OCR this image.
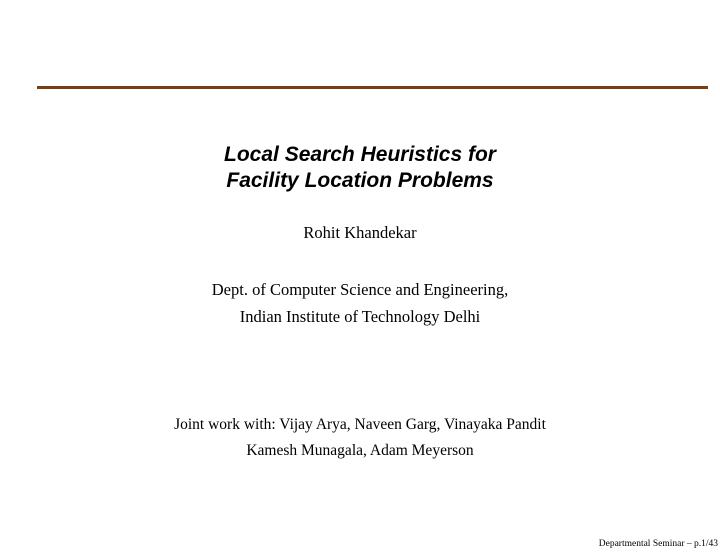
Local Search Heuristics for
Facility Location Problems
Rohit Khandekar
Dept. of Computer Science and Engineering,
Indian Institute of Technology Delhi
Joint work with: Vijay Arya, Naveen Garg, Vinayaka Pandit
Kamesh Munagala, Adam Meyerson
Departmental Seminar – p.1/43
